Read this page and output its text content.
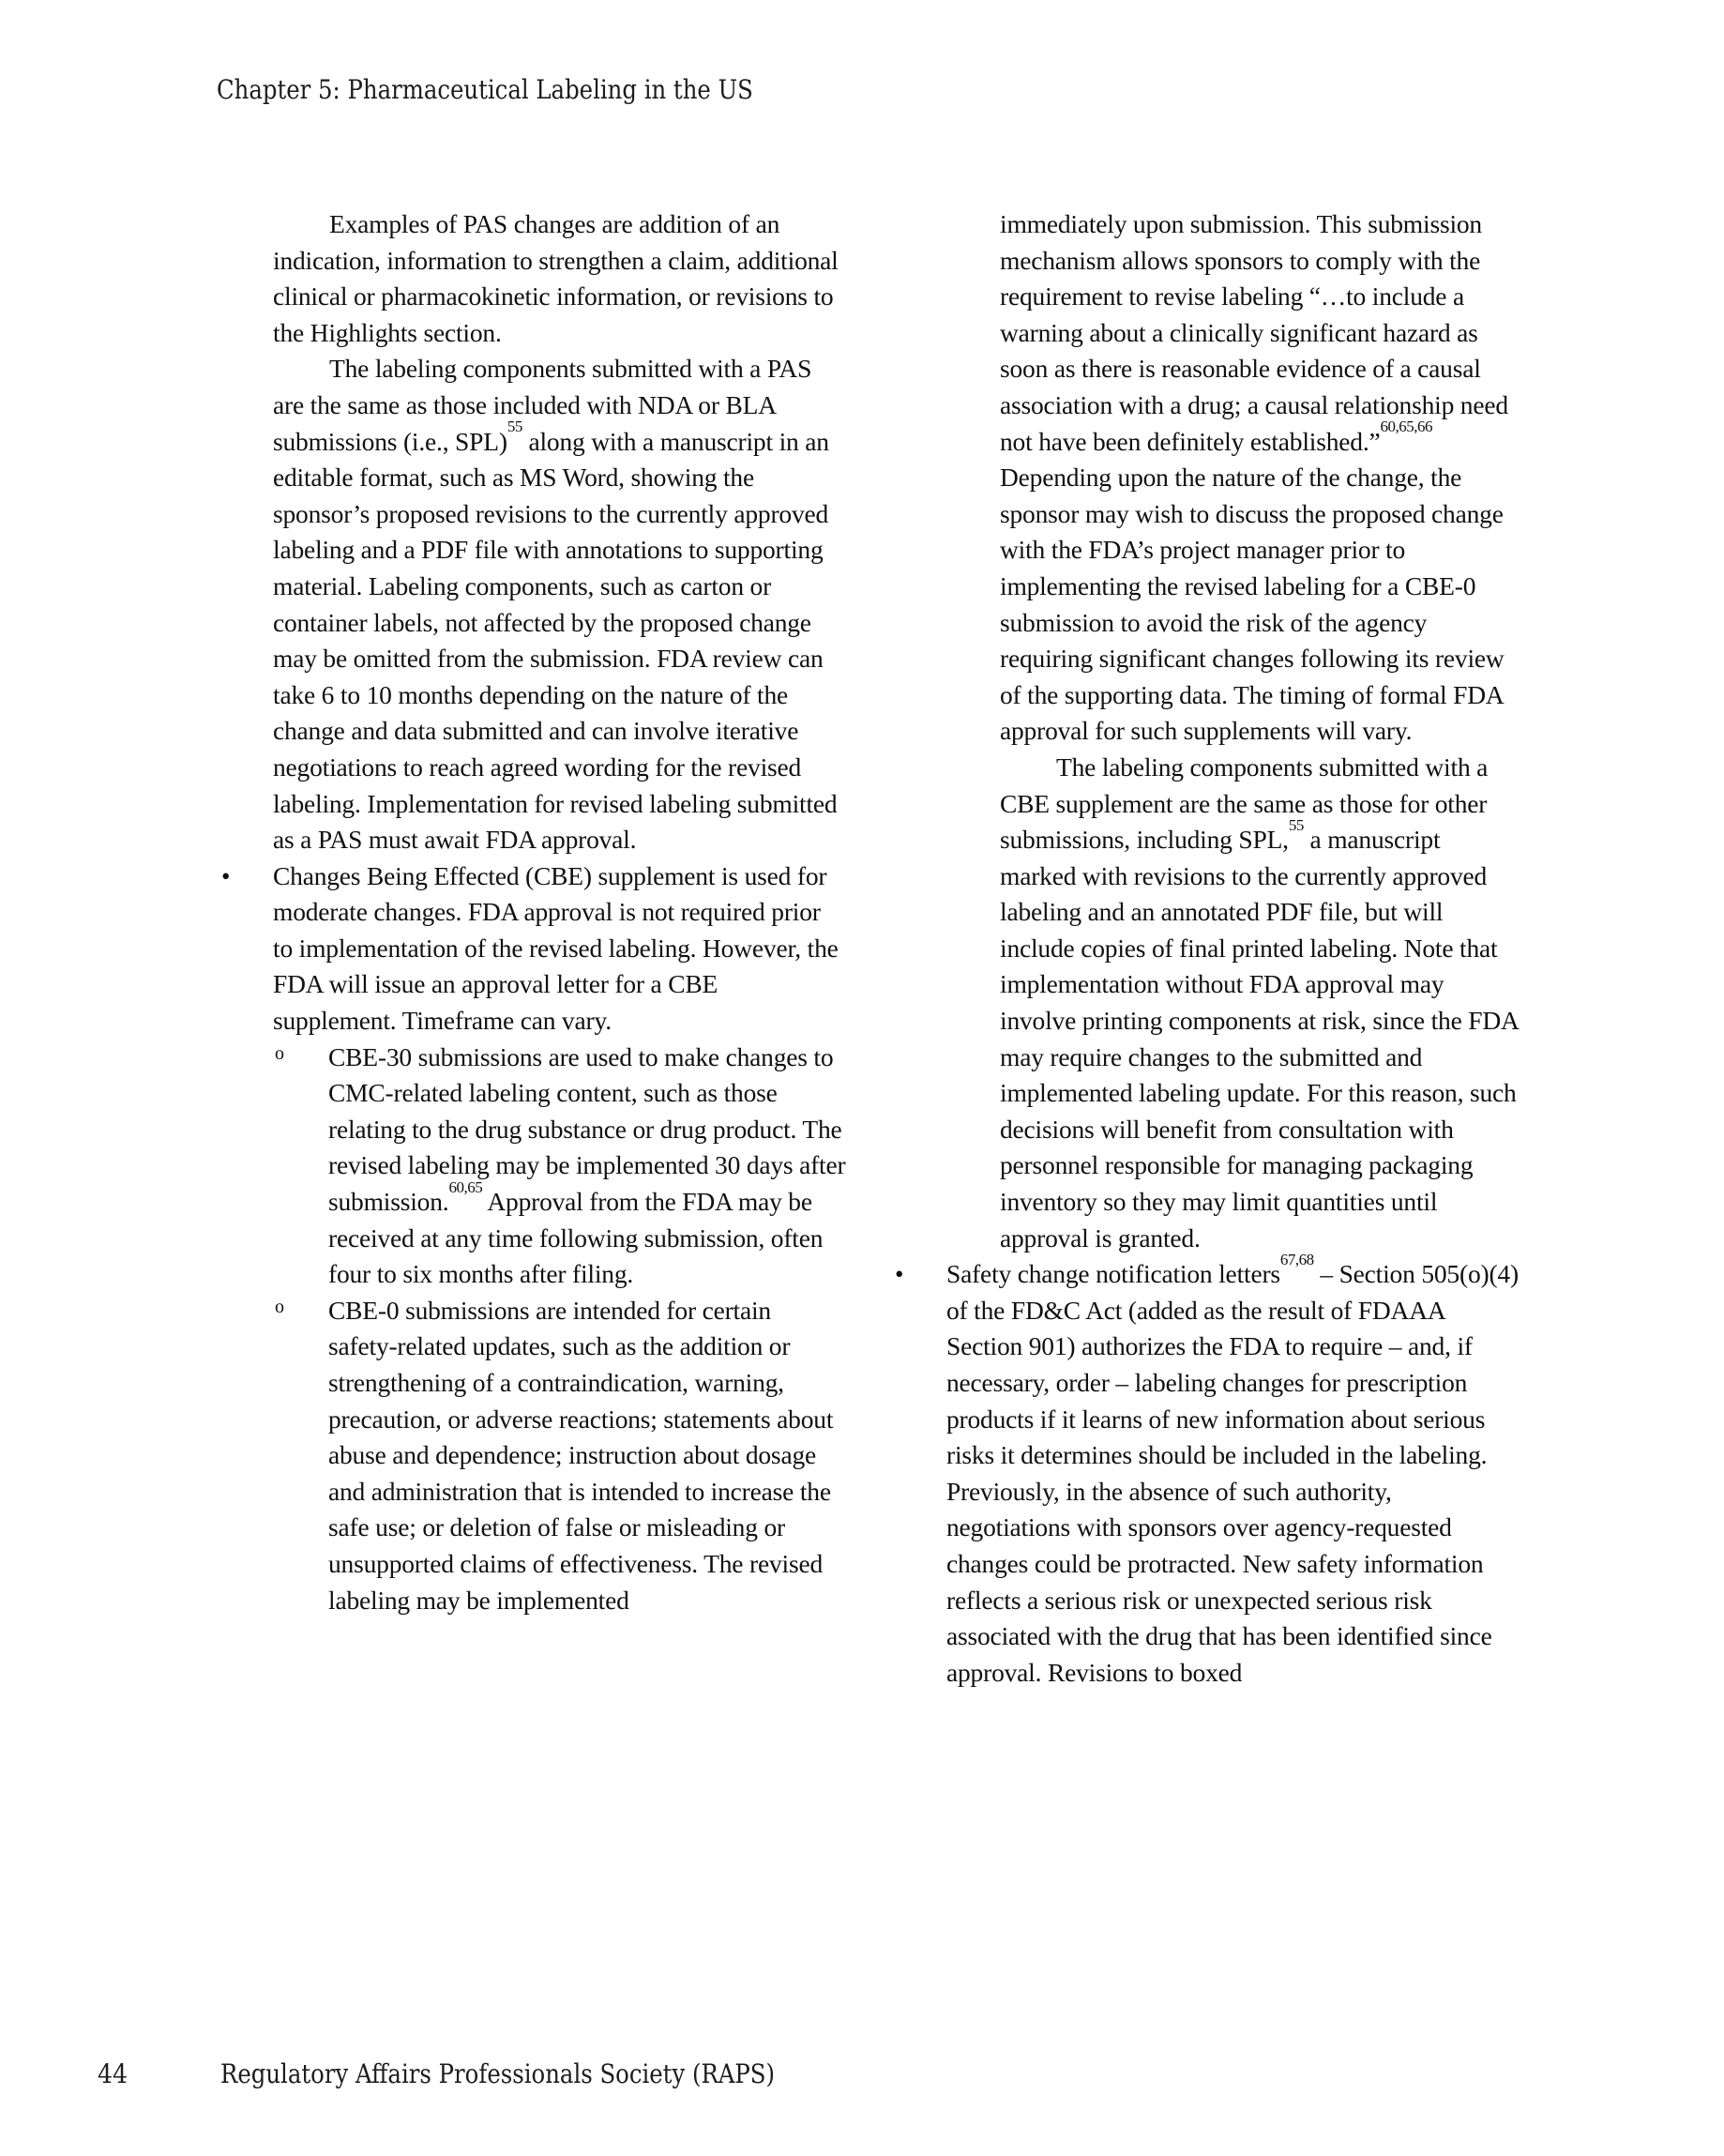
Chapter 5: Pharmaceutical Labeling in the US
Examples of PAS changes are addition of an indication, information to strengthen a claim, additional clinical or pharmacokinetic information, or revisions to the Highlights section.
The labeling components submitted with a PAS are the same as those included with NDA or BLA submissions (i.e., SPL)$^{55}$ along with a manuscript in an editable format, such as MS Word, showing the sponsor’s proposed revisions to the currently approved labeling and a PDF file with annotations to supporting material. Labeling components, such as carton or container labels, not affected by the proposed change may be omitted from the submission. FDA review can take 6 to 10 months depending on the nature of the change and data submitted and can involve iterative negotiations to reach agreed wording for the revised labeling. Implementation for revised labeling submitted as a PAS must await FDA approval.
• Changes Being Effected (CBE) supplement is used for moderate changes. FDA approval is not required prior to implementation of the revised labeling. However, the FDA will issue an approval letter for a CBE supplement. Timeframe can vary.
o CBE-30 submissions are used to make changes to CMC-related labeling content, such as those relating to the drug substance or drug product. The revised labeling may be implemented 30 days after submission.$^{60,65}$ Approval from the FDA may be received at any time following submission, often four to six months after filing.
o CBE-0 submissions are intended for certain safety-related updates, such as the addition or strengthening of a contraindication, warning, precaution, or adverse reactions; statements about abuse and dependence; instruction about dosage and administration that is intended to increase the safe use; or deletion of false or misleading or unsupported claims of effectiveness. The revised labeling may be implemented
immediately upon submission. This submission mechanism allows sponsors to comply with the requirement to revise labeling “…to include a warning about a clinically significant hazard as soon as there is reasonable evidence of a causal association with a drug; a causal relationship need not have been definitely established.”$^{60,65,66}$ Depending upon the nature of the change, the sponsor may wish to discuss the proposed change with the FDA’s project manager prior to implementing the revised labeling for a CBE-0 submission to avoid the risk of the agency requiring significant changes following its review of the supporting data. The timing of formal FDA approval for such supplements will vary.
The labeling components submitted with a CBE supplement are the same as those for other submissions, including SPL,$^{55}$ a manuscript marked with revisions to the currently approved labeling and an annotated PDF file, but will include copies of final printed labeling. Note that implementation without FDA approval may involve printing components at risk, since the FDA may require changes to the submitted and implemented labeling update. For this reason, such decisions will benefit from consultation with personnel responsible for managing packaging inventory so they may limit quantities until approval is granted.
• Safety change notification letters$^{67,68}$ – Section 505(o)(4) of the FD&C Act (added as the result of FDAAA Section 901) authorizes the FDA to require – and, if necessary, order – labeling changes for prescription products if it learns of new information about serious risks it determines should be included in the labeling. Previously, in the absence of such authority, negotiations with sponsors over agency-requested changes could be protracted. New safety information reflects a serious risk or unexpected serious risk associated with the drug that has been identified since approval. Revisions to boxed
44	Regulatory Affairs Professionals Society (RAPS)
